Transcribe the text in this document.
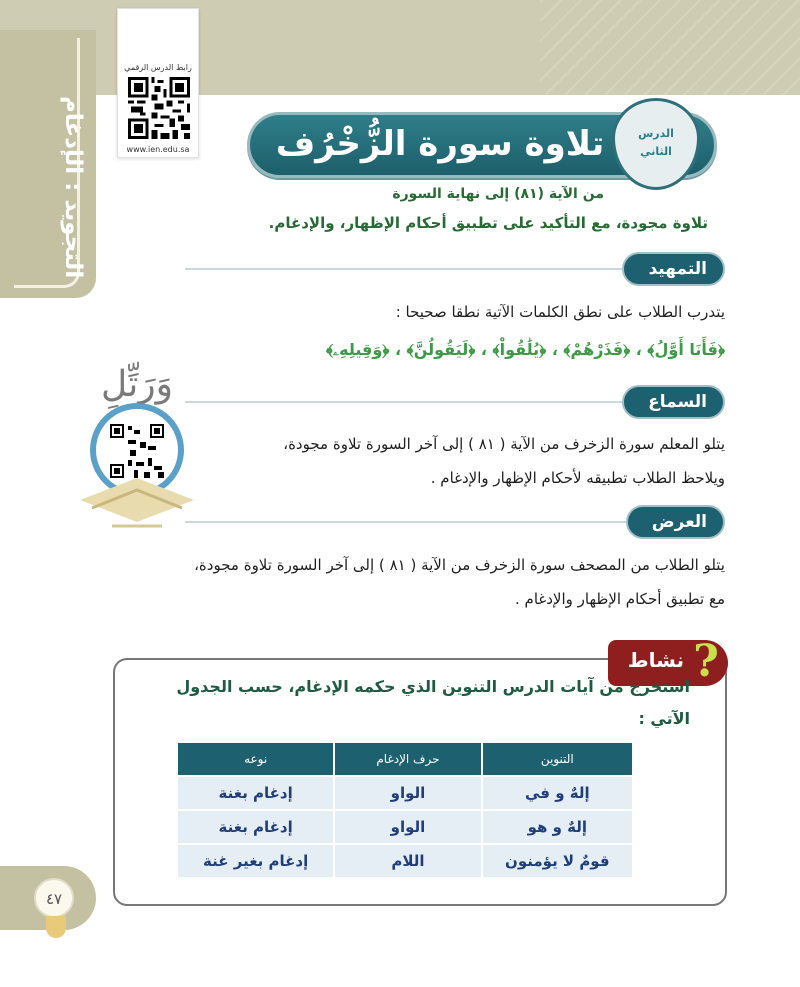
التجويد : الإدغام
رابط الدرس الرقمي
www.ien.edu.sa	تلاوة سورة الزُّخْرُف	الدرس
الثاني
من الآية (٨١) إلى نهاية السورة
تلاوة مجودة، مع التأكيد على تطبيق أحكام الإظهار، والإدغام.
التمهيد
يتدرب الطلاب على نطق الكلمات الآتية نطقا صحيحا :
﴿فَأَنَا أَوَّلُ﴾ ، ﴿فَذَرْهُمْ﴾ ، ﴿يُلَٰقُواْ﴾ ، ﴿لَيَقُولُنَّ﴾ ، ﴿وَقِيلِهِۦ﴾
السماع
يتلو المعلم سورة الزخرف من الآية ( ٨١ ) إلى آخر السورة تلاوة مجودة،
ويلاحظ الطلاب تطبيقه لأحكام الإظهار والإدغام .
العرض
يتلو الطلاب من المصحف سورة الزخرف من الآية ( ٨١ ) إلى آخر السورة تلاوة مجودة،
مع تطبيق أحكام الإظهار والإدغام .
وَرَتِّلِ
نشاط ?
استخرج من آيات الدرس التنوين الذي حكمه الإدغام، حسب الجدول
الآتي :
التنوين	حرف الإدغام	نوعه
إلهٌ و في	الواو	إدغام بغنة
إلهٌ و هو	الواو	إدغام بغنة
قومٌ لا يؤمنون	اللام	إدغام بغير غنة
٤٧
